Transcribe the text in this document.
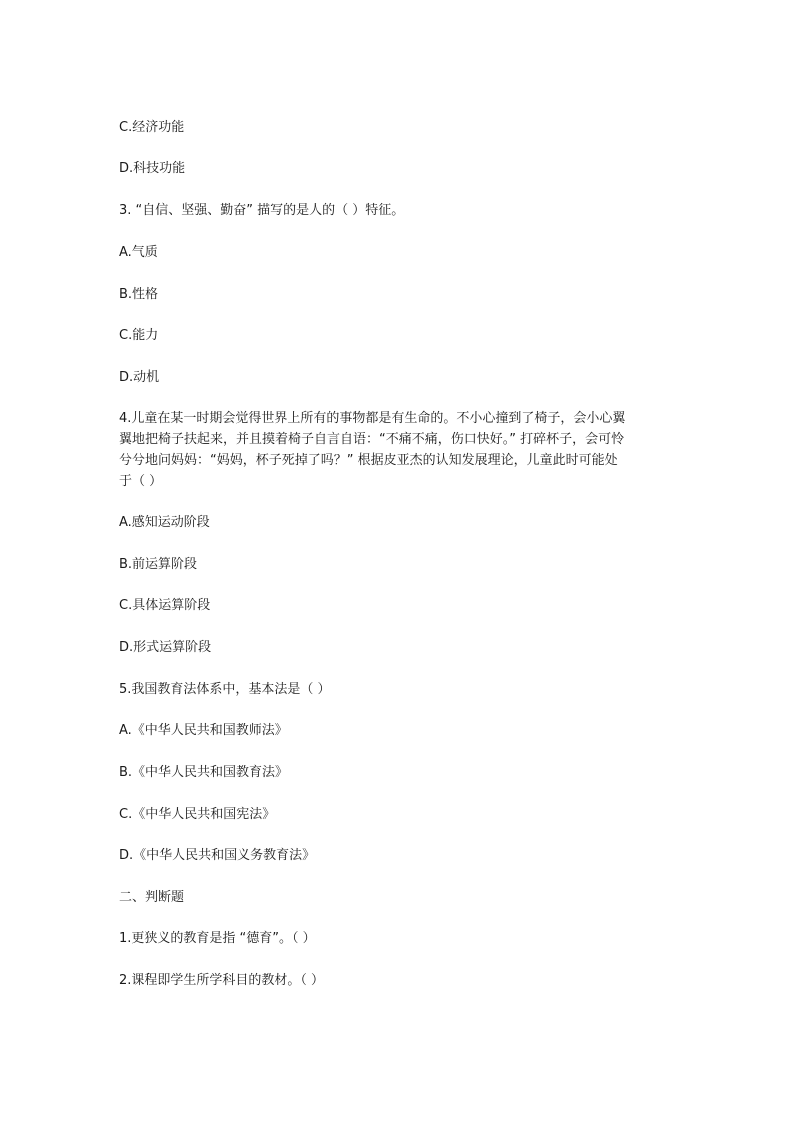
C.经济功能
D.科技功能
3. “自信、坚强、勤奋” 描写的是人的（ ）特征。
A.气质
B.性格
C.能力
D.动机
4.儿童在某一时期会觉得世界上所有的事物都是有生命的。不小心撞到了椅子，会小心翼
翼地把椅子扶起来，并且摸着椅子自言自语：“不痛不痛，伤口快好。” 打碎杯子，会可怜
兮兮地问妈妈：“妈妈，杯子死掉了吗？” 根据皮亚杰的认知发展理论，儿童此时可能处
于（ ）
A.感知运动阶段
B.前运算阶段
C.具体运算阶段
D.形式运算阶段
5.我国教育法体系中，基本法是（ ）
A.《中华人民共和国教师法》
B.《中华人民共和国教育法》
C.《中华人民共和国宪法》
D.《中华人民共和国义务教育法》
二、判断题
1.更狭义的教育是指 “德育”。（ ）
2.课程即学生所学科目的教材。（ ）
